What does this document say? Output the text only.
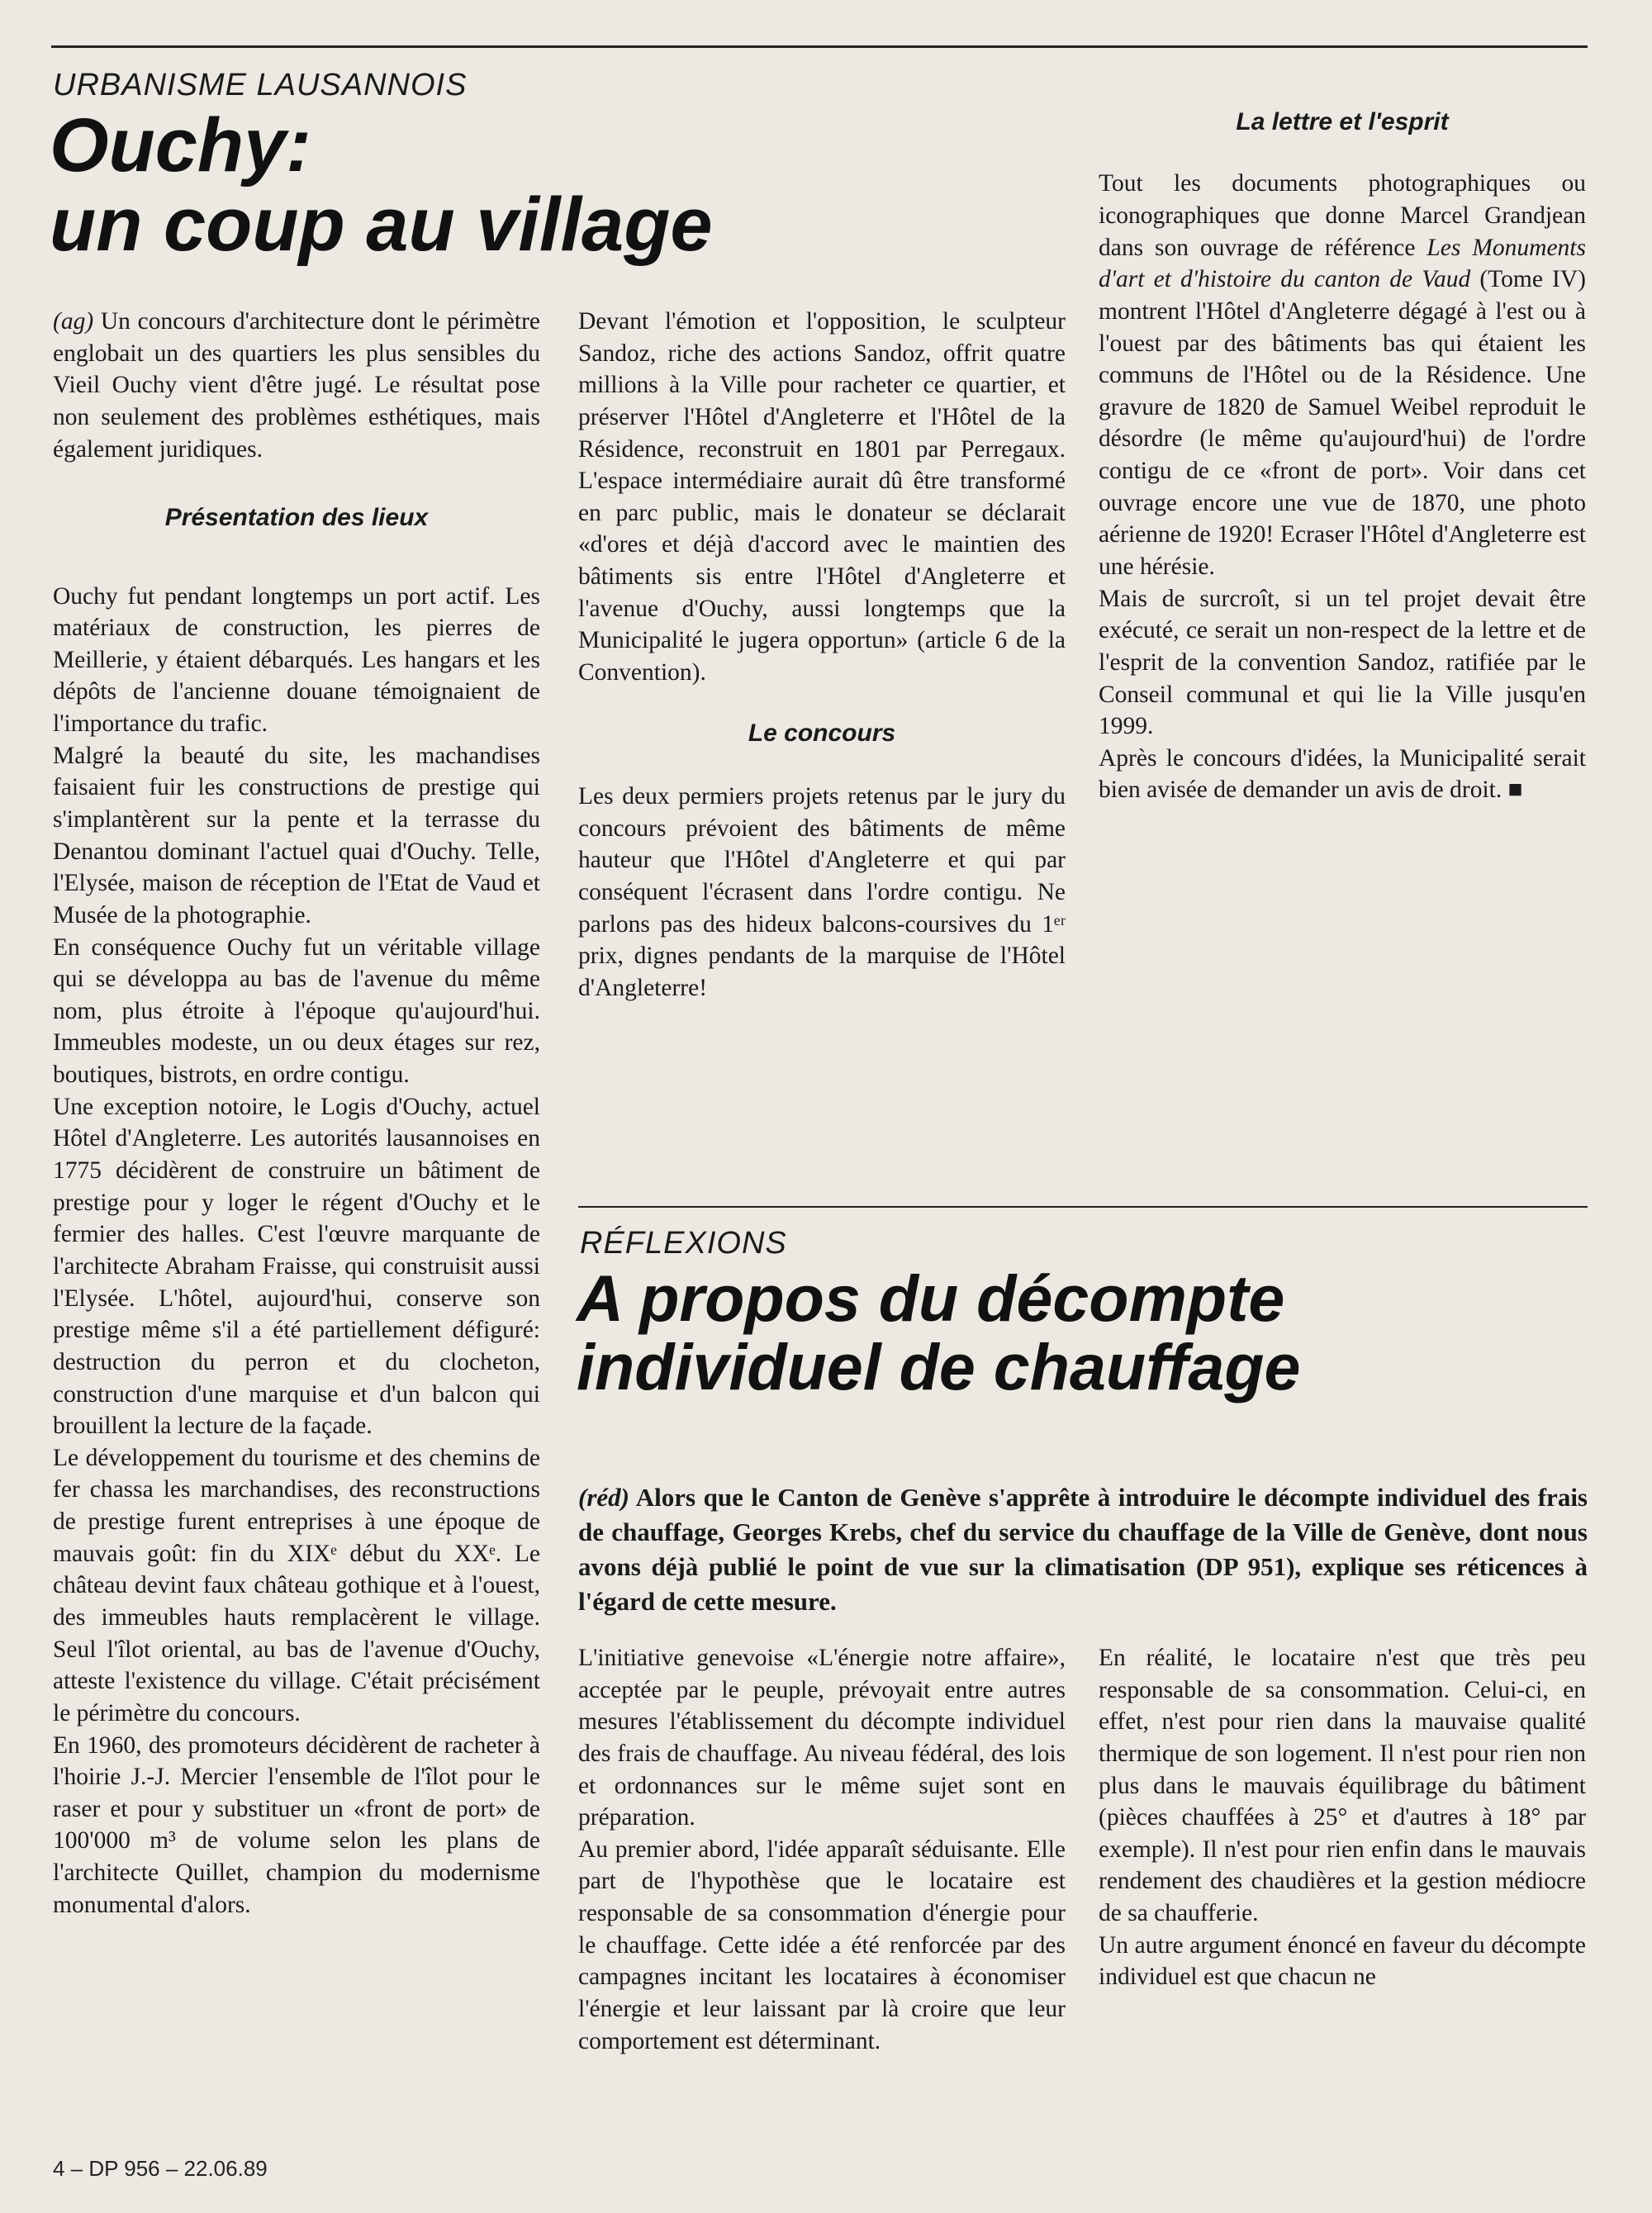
URBANISME LAUSANNOIS
Ouchy:
un coup au village

(ag) Un concours d'architecture dont le périmètre englobait un des quartiers les plus sensibles du Vieil Ouchy vient d'être jugé. Le résultat pose non seulement des problèmes esthétiques, mais également juridiques.

Présentation des lieux

Ouchy fut pendant longtemps un port actif. Les matériaux de construction, les pierres de Meillerie, y étaient débarqués. Les hangars et les dépôts de l'ancienne douane témoignaient de l'importance du trafic.

Malgré la beauté du site, les machandises faisaient fuir les constructions de prestige qui s'implantèrent sur la pente et la terrasse du Denantou dominant l'actuel quai d'Ouchy. Telle, l'Elysée, maison de réception de l'Etat de Vaud et Musée de la photographie.

En conséquence Ouchy fut un véritable village qui se développa au bas de l'avenue du même nom, plus étroite à l'époque qu'aujourd'hui. Immeubles modeste, un ou deux étages sur rez, boutiques, bistrots, en ordre contigu.

Une exception notoire, le Logis d'Ouchy, actuel Hôtel d'Angleterre. Les autorités lausannoises en 1775 décidèrent de construire un bâtiment de prestige pour y loger le régent d'Ouchy et le fermier des halles. C'est l'œuvre marquante de l'architecte Abraham Fraisse, qui construisit aussi l'Elysée. L'hôtel, aujourd'hui, conserve son prestige même s'il a été partiellement défiguré: destruction du perron et du clocheton, construction d'une marquise et d'un balcon qui brouillent la lecture de la façade.

Le développement du tourisme et des chemins de fer chassa les marchandises, des reconstructions de prestige furent entreprises à une époque de mauvais goût: fin du XIXᵉ début du XXᵉ. Le château devint faux château gothique et à l'ouest, des immeubles hauts remplacèrent le village. Seul l'îlot oriental, au bas de l'avenue d'Ouchy, atteste l'existence du village. C'était précisément le périmètre du concours.

En 1960, des promoteurs décidèrent de racheter à l'hoirie J.-J. Mercier l'ensemble de l'îlot pour le raser et pour y substituer un «front de port» de 100'000 m³ de volume selon les plans de l'architecte Quillet, champion du modernisme monumental d'alors.

Devant l'émotion et l'opposition, le sculpteur Sandoz, riche des actions Sandoz, offrit quatre millions à la Ville pour racheter ce quartier, et préserver l'Hôtel d'Angleterre et l'Hôtel de la Résidence, reconstruit en 1801 par Perregaux. L'espace intermédiaire aurait dû être transformé en parc public, mais le donateur se déclarait «d'ores et déjà d'accord avec le maintien des bâtiments sis entre l'Hôtel d'Angleterre et l'avenue d'Ouchy, aussi longtemps que la Municipalité le jugera opportun» (article 6 de la Convention).

Le concours

Les deux permiers projets retenus par le jury du concours prévoient des bâtiments de même hauteur que l'Hôtel d'Angleterre et qui par conséquent l'écrasent dans l'ordre contigu. Ne parlons pas des hideux balcons-coursives du 1ᵉʳ prix, dignes pendants de la marquise de l'Hôtel d'Angleterre!

La lettre et l'esprit

Tout les documents photographiques ou iconographiques que donne Marcel Grandjean dans son ouvrage de référence Les Monuments d'art et d'histoire du canton de Vaud (Tome IV) montrent l'Hôtel d'Angleterre dégagé à l'est ou à l'ouest par des bâtiments bas qui étaient les communs de l'Hôtel ou de la Résidence. Une gravure de 1820 de Samuel Weibel reproduit le désordre (le même qu'aujourd'hui) de l'ordre contigu de ce «front de port». Voir dans cet ouvrage encore une vue de 1870, une photo aérienne de 1920! Ecraser l'Hôtel d'Angleterre est une hérésie.

Mais de surcroît, si un tel projet devait être exécuté, ce serait un non-respect de la lettre et de l'esprit de la convention Sandoz, ratifiée par le Conseil communal et qui lie la Ville jusqu'en 1999.

Après le concours d'idées, la Municipalité serait bien avisée de demander un avis de droit. ■

RÉFLEXIONS
A propos du décompte
individuel de chauffage
(réd) Alors que le Canton de Genève s'apprête à introduire le décompte individuel des frais de chauffage, Georges Krebs, chef du service du chauffage de la Ville de Genève, dont nous avons déjà publié le point de vue sur la climatisation (DP 951), explique ses réticences à l'égard de cette mesure.

L'initiative genevoise «L'énergie notre affaire», acceptée par le peuple, prévoyait entre autres mesures l'établissement du décompte individuel des frais de chauffage. Au niveau fédéral, des lois et ordonnances sur le même sujet sont en préparation.

Au premier abord, l'idée apparaît séduisante. Elle part de l'hypothèse que le locataire est responsable de sa consommation d'énergie pour le chauffage. Cette idée a été renforcée par des campagnes incitant les locataires à économiser l'énergie et leur laissant par là croire que leur comportement est déterminant.

En réalité, le locataire n'est que très peu responsable de sa consommation. Celui-ci, en effet, n'est pour rien dans la mauvaise qualité thermique de son logement. Il n'est pour rien non plus dans le mauvais équilibrage du bâtiment (pièces chauffées à 25° et d'autres à 18° par exemple). Il n'est pour rien enfin dans le mauvais rendement des chaudières et la gestion médiocre de sa chaufferie.

Un autre argument énoncé en faveur du décompte individuel est que chacun ne

4 – DP 956 – 22.06.89
